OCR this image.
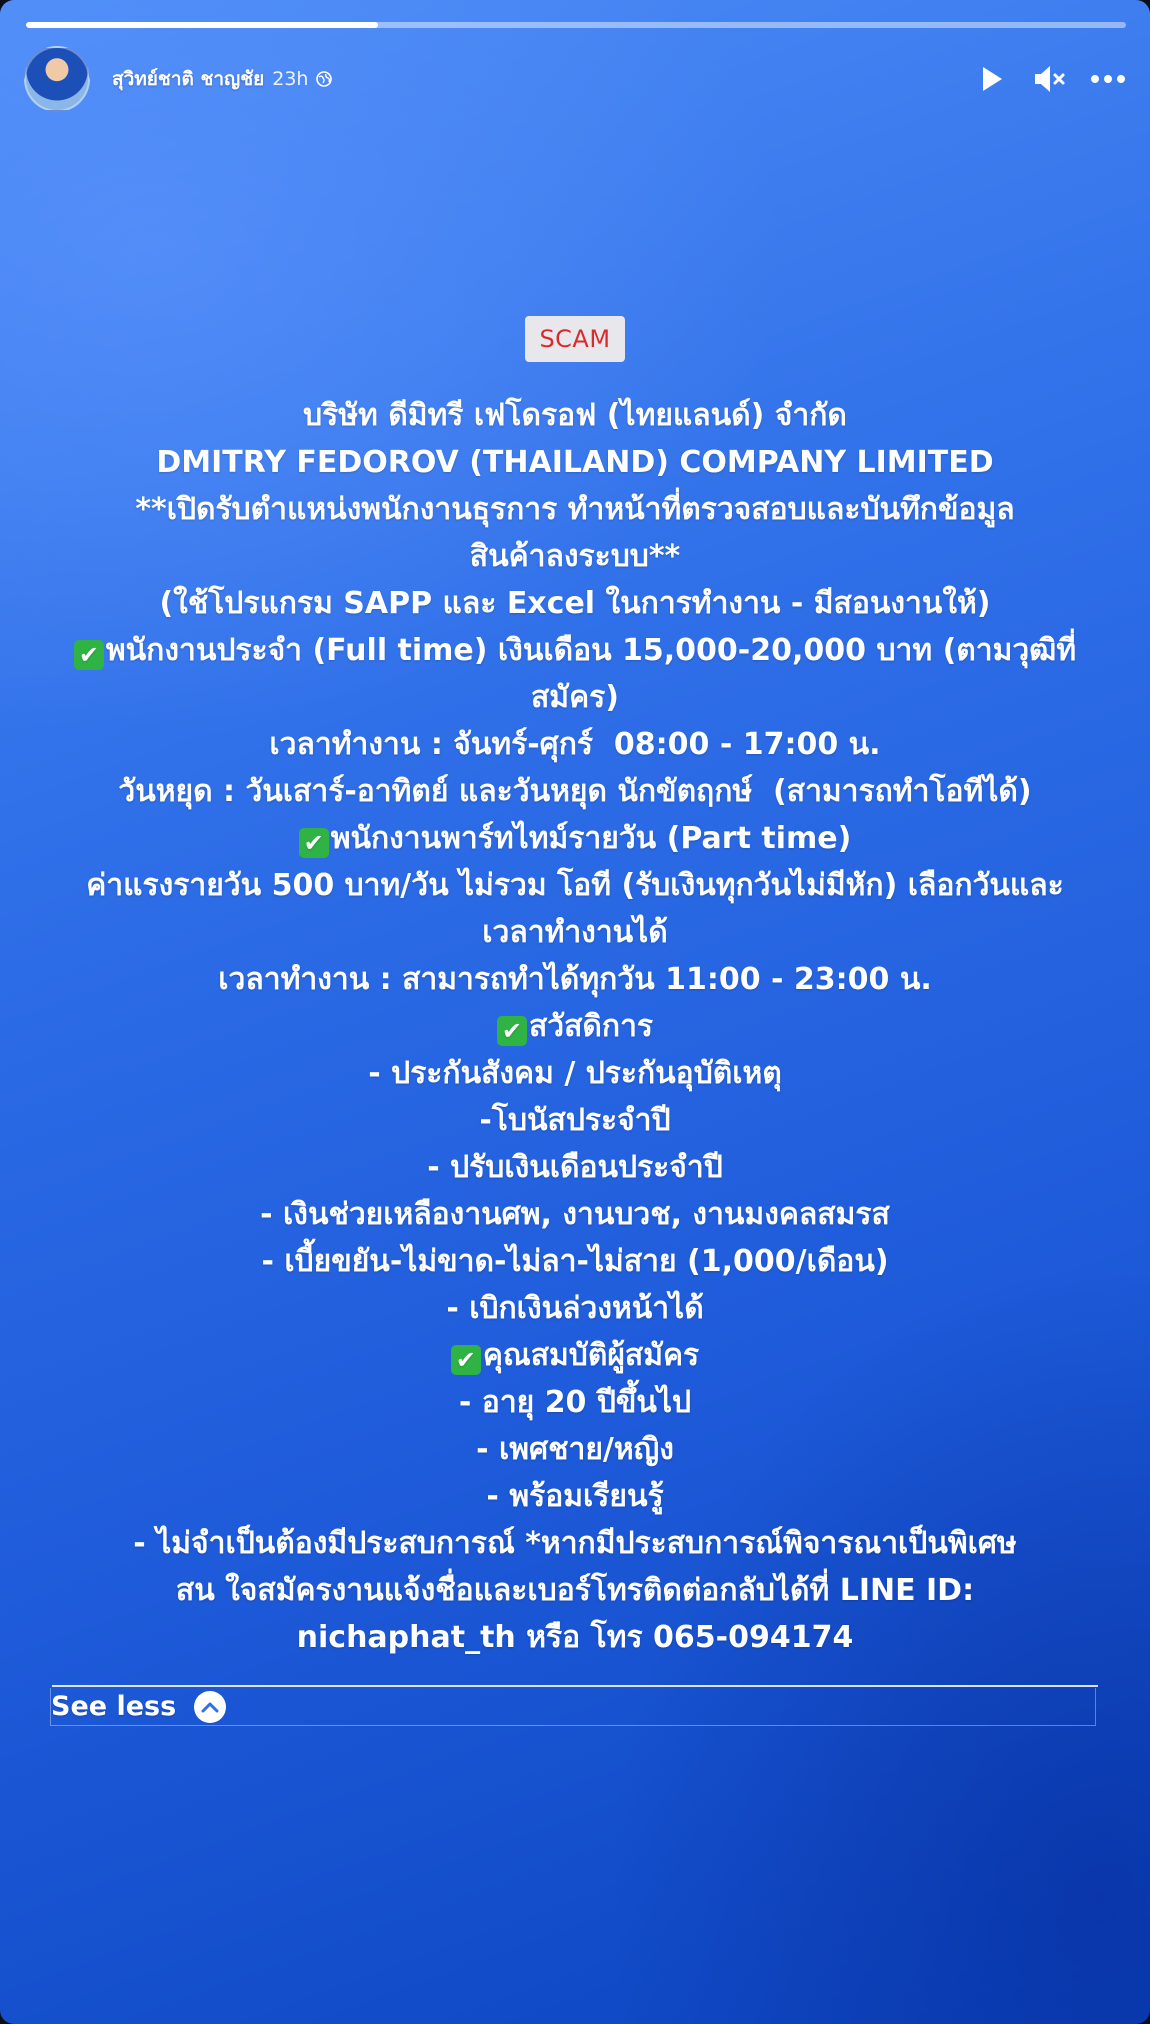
สุวิทย์ชาติ ชาญชัย 23h
SCAM
บริษัท ดีมิทรี เฟโดรอฟ (ไทยแลนด์) จำกัด
DMITRY FEDOROV (THAILAND) COMPANY LIMITED
**เปิดรับตำแหน่งพนักงานธุรการ ทำหน้าที่ตรวจสอบและบันทึกข้อมูล
สินค้าลงระบบ**
(ใช้โปรแกรม SAPP และ Excel ในการทำงาน - มีสอนงานให้)
✔ พนักงานประจำ (Full time) เงินเดือน 15,000-20,000 บาท (ตามวุฒิที่
สมัคร)
เวลาทำงาน : จันทร์-ศุกร์  08:00 - 17:00 น.
วันหยุด : วันเสาร์-อาทิตย์ และวันหยุด นักขัตฤกษ์  (สามารถทำโอทีได้)
✔ พนักงานพาร์ทไทม์รายวัน (Part time)
ค่าแรงรายวัน 500 บาท/วัน ไม่รวม โอที (รับเงินทุกวันไม่มีหัก) เลือกวันและ
เวลาทำงานได้
เวลาทำงาน : สามารถทำได้ทุกวัน 11:00 - 23:00 น.
✔ สวัสดิการ
- ประกันสังคม / ประกันอุบัติเหตุ
-โบนัสประจำปี
- ปรับเงินเดือนประจำปี
- เงินช่วยเหลืองานศพ, งานบวช, งานมงคลสมรส
- เบี้ยขยัน-ไม่ขาด-ไม่ลา-ไม่สาย (1,000/เดือน)
- เบิกเงินล่วงหน้าได้
✔ คุณสมบัติผู้สมัคร
- อายุ 20 ปีขึ้นไป
- เพศชาย/หญิง
- พร้อมเรียนรู้
- ไม่จำเป็นต้องมีประสบการณ์ *หากมีประสบการณ์พิจารณาเป็นพิเศษ
สน ใจสมัครงานแจ้งชื่อและเบอร์โทรติดต่อกลับได้ที่ LINE ID:
nichaphat_th หรือ โทร 065-094174
See less
